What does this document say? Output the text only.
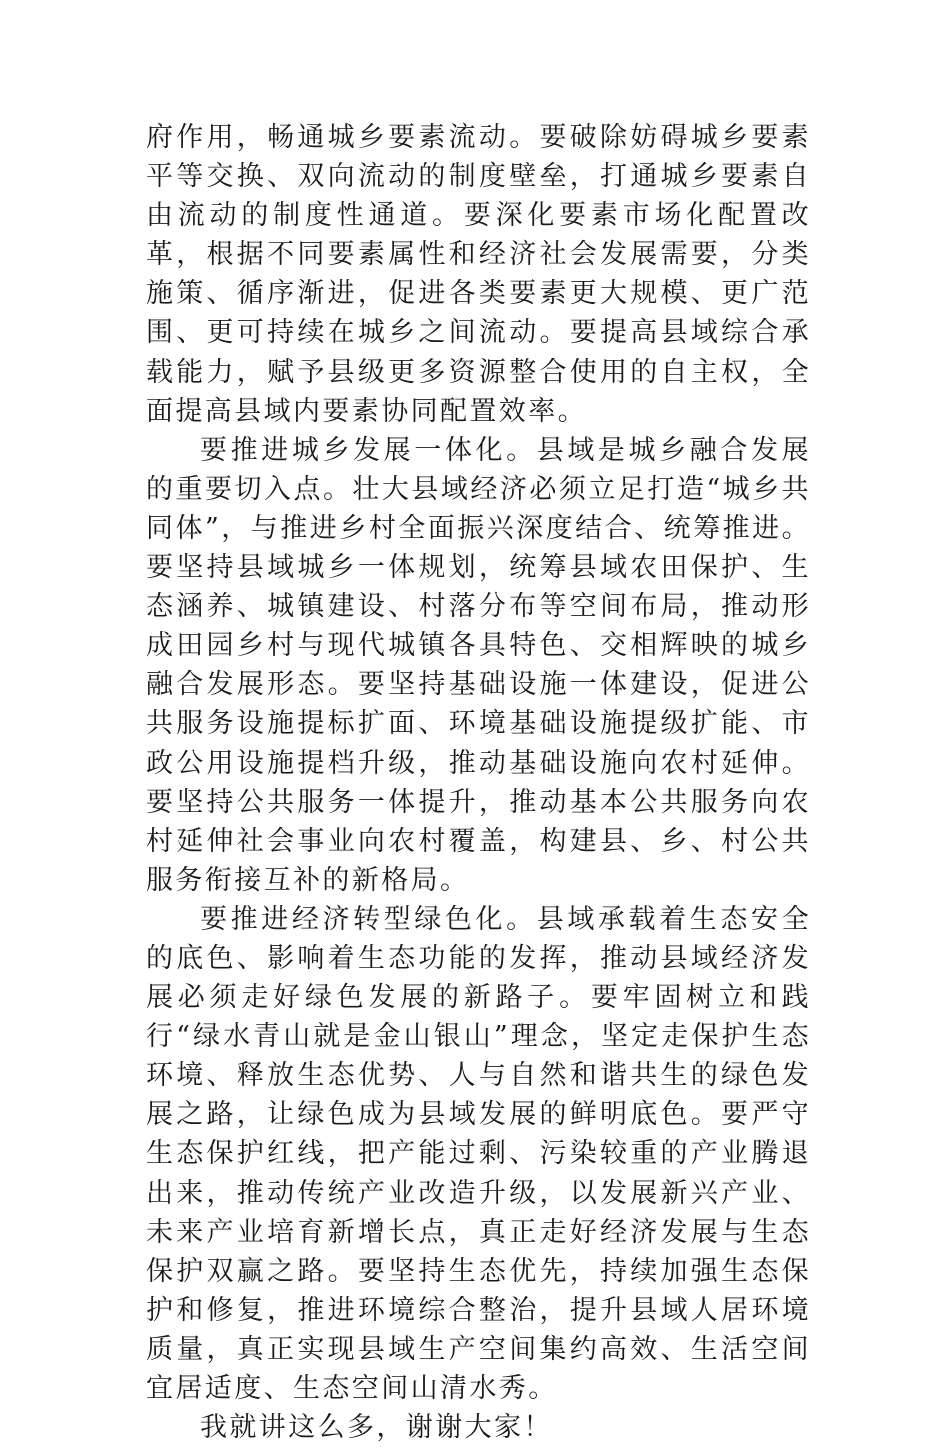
府作用，畅通城乡要素流动。要破除妨碍城乡要素平等交换、双向流动的制度壁垒，打通城乡要素自由流动的制度性通道。要深化要素市场化配置改革，根据不同要素属性和经济社会发展需要，分类施策、循序渐进，促进各类要素更大规模、更广范围、更可持续在城乡之间流动。要提高县域综合承载能力，赋予县级更多资源整合使用的自主权，全面提高县域内要素协同配置效率。

要推进城乡发展一体化。县域是城乡融合发展的重要切入点。壮大县域经济必须立足打造“城乡共同体”，与推进乡村全面振兴深度结合、统筹推进。要坚持县域城乡一体规划，统筹县域农田保护、生态涵养、城镇建设、村落分布等空间布局，推动形成田园乡村与现代城镇各具特色、交相辉映的城乡融合发展形态。要坚持基础设施一体建设，促进公共服务设施提标扩面、环境基础设施提级扩能、市政公用设施提档升级，推动基础设施向农村延伸。要坚持公共服务一体提升，推动基本公共服务向农村延伸社会事业向农村覆盖，构建县、乡、村公共服务衔接互补的新格局。

要推进经济转型绿色化。县域承载着生态安全的底色、影响着生态功能的发挥，推动县域经济发展必须走好绿色发展的新路子。要牢固树立和践行“绿水青山就是金山银山”理念，坚定走保护生态环境、释放生态优势、人与自然和谐共生的绿色发展之路，让绿色成为县域发展的鲜明底色。要严守生态保护红线，把产能过剩、污染较重的产业腾退出来，推动传统产业改造升级，以发展新兴产业、未来产业培育新增长点，真正走好经济发展与生态保护双赢之路。要坚持生态优先，持续加强生态保护和修复，推进环境综合整治，提升县域人居环境质量，真正实现县域生产空间集约高效、生活空间宜居适度、生态空间山清水秀。

我就讲这么多，谢谢大家！
